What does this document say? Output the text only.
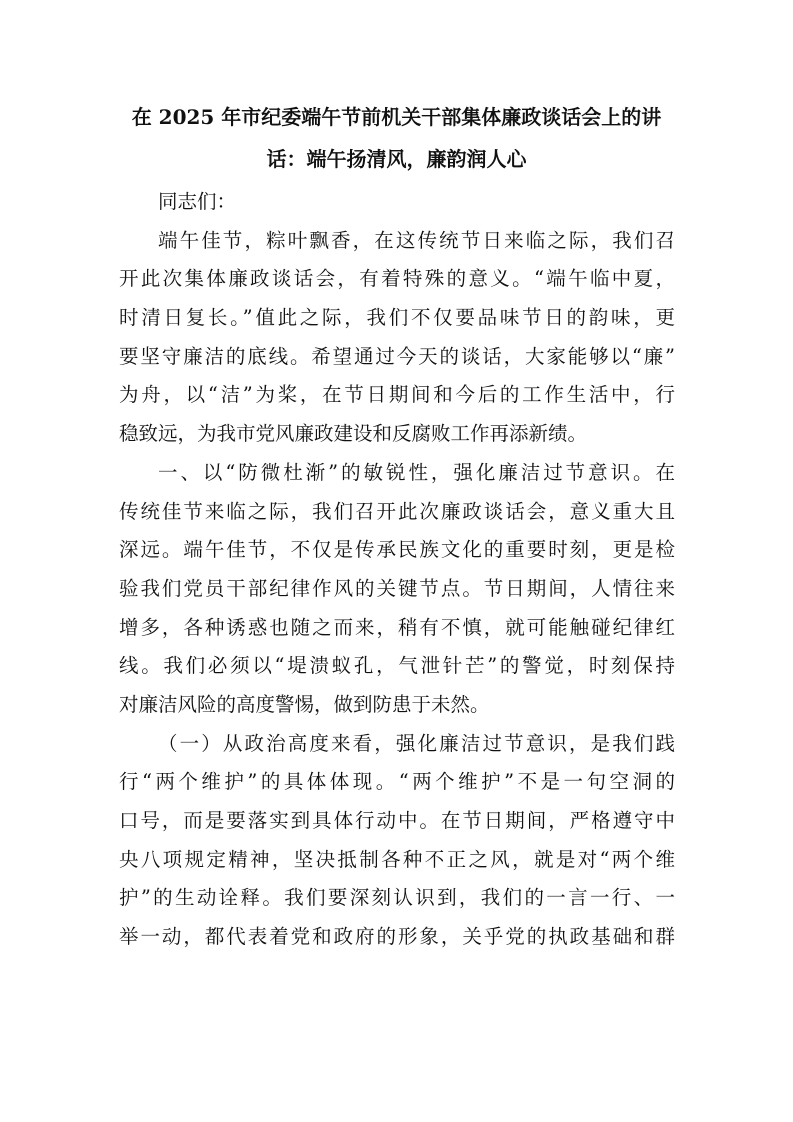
在 2025 年市纪委端午节前机关干部集体廉政谈话会上的讲
话：端午扬清风，廉韵润人心

同志们：

端午佳节，粽叶飘香，在这传统节日来临之际，我们召
开此次集体廉政谈话会，有着特殊的意义。“端午临中夏，
时清日复长。”值此之际，我们不仅要品味节日的韵味，更
要坚守廉洁的底线。希望通过今天的谈话，大家能够以“廉”
为舟，以“洁”为桨，在节日期间和今后的工作生活中，行
稳致远，为我市党风廉政建设和反腐败工作再添新绩。

一、以“防微杜渐”的敏锐性，强化廉洁过节意识。在
传统佳节来临之际，我们召开此次廉政谈话会，意义重大且
深远。端午佳节，不仅是传承民族文化的重要时刻，更是检
验我们党员干部纪律作风的关键节点。节日期间，人情往来
增多，各种诱惑也随之而来，稍有不慎，就可能触碰纪律红
线。我们必须以“堤溃蚁孔，气泄针芒”的警觉，时刻保持
对廉洁风险的高度警惕，做到防患于未然。

（一）从政治高度来看，强化廉洁过节意识，是我们践
行“两个维护”的具体体现。“两个维护”不是一句空洞的
口号，而是要落实到具体行动中。在节日期间，严格遵守中
央八项规定精神，坚决抵制各种不正之风，就是对“两个维
护”的生动诠释。我们要深刻认识到，我们的一言一行、一
举一动，都代表着党和政府的形象，关乎党的执政基础和群
